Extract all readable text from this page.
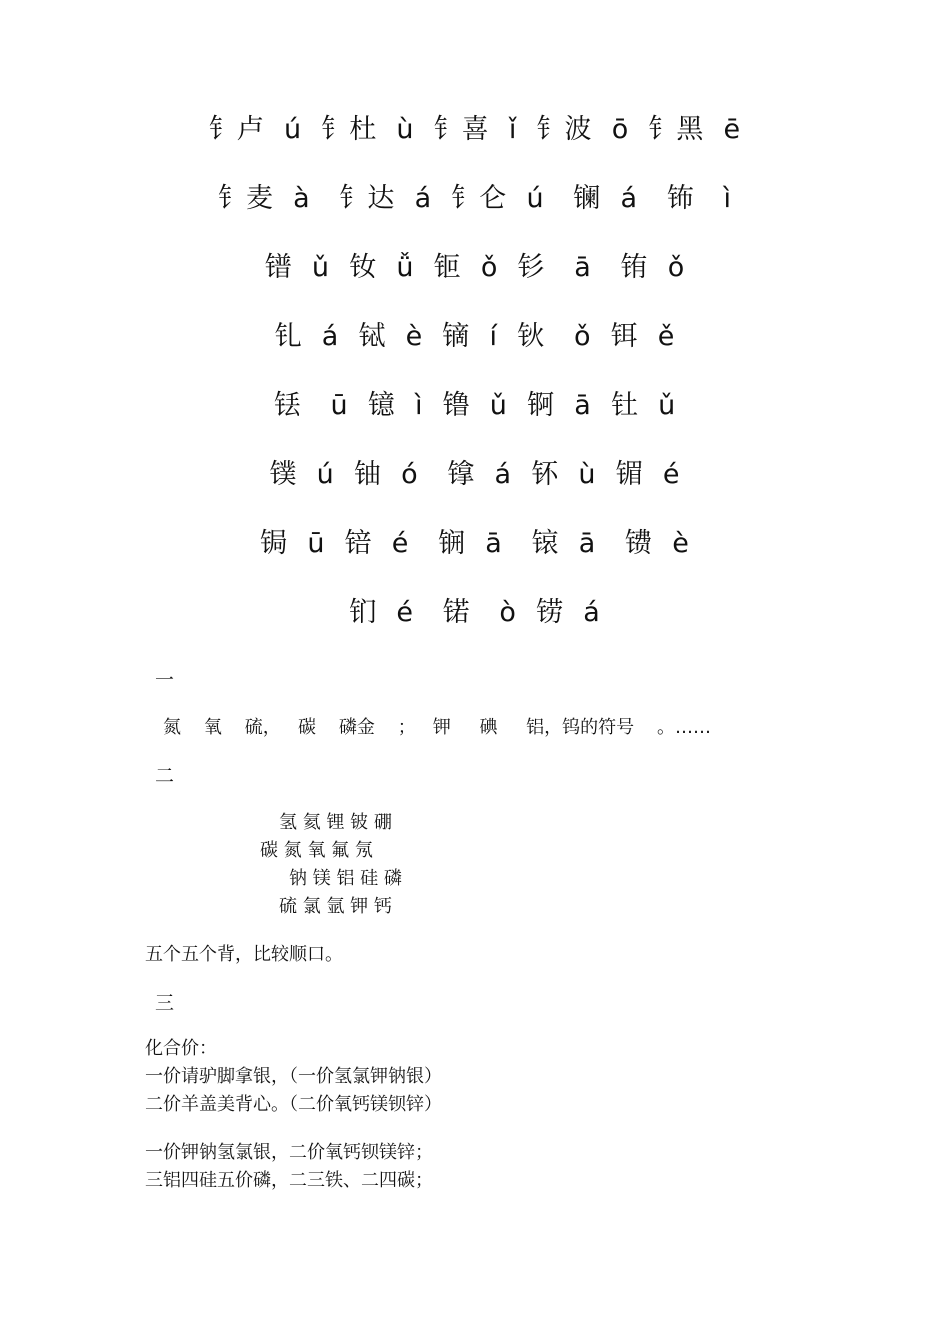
钅卢  ú  钅杜  ù  钅喜  ǐ  钅波  ō  钅黑  ē
钅麦  à   钅达  á  钅仑  ú   镧  á   钸   ì
镨  ǔ  钕  ǚ  钷  ǒ  钐   ā   铕  ǒ
钆  á  铽  è  镝  í  钬   ǒ  铒  ě
铥   ū  镱  ì  镥  ǔ  锕  ā  钍  ǔ
镤  ú  铀  ó   镎  á  钚  ù  镅  é
锔  ū  锫  é   锎  ā   锿  ā   镄  è
钔  é   锘   ò  铹  á
一
氮    氧    硫，   碳    磷金    ；   钾     碘     铝，钨的符号    。……
二
氢 氦 锂 铍 硼
碳 氮 氧 氟 氖
钠 镁 铝 硅 磷
硫 氯 氩 钾 钙
五个五个背，比较顺口。
三
化合价：
一价请驴脚拿银，（一价氢氯钾钠银）
二价羊盖美背心。（二价氧钙镁钡锌）
一价钾钠氢氯银，二价氧钙钡镁锌；
三铝四硅五价磷，二三铁、二四碳；
